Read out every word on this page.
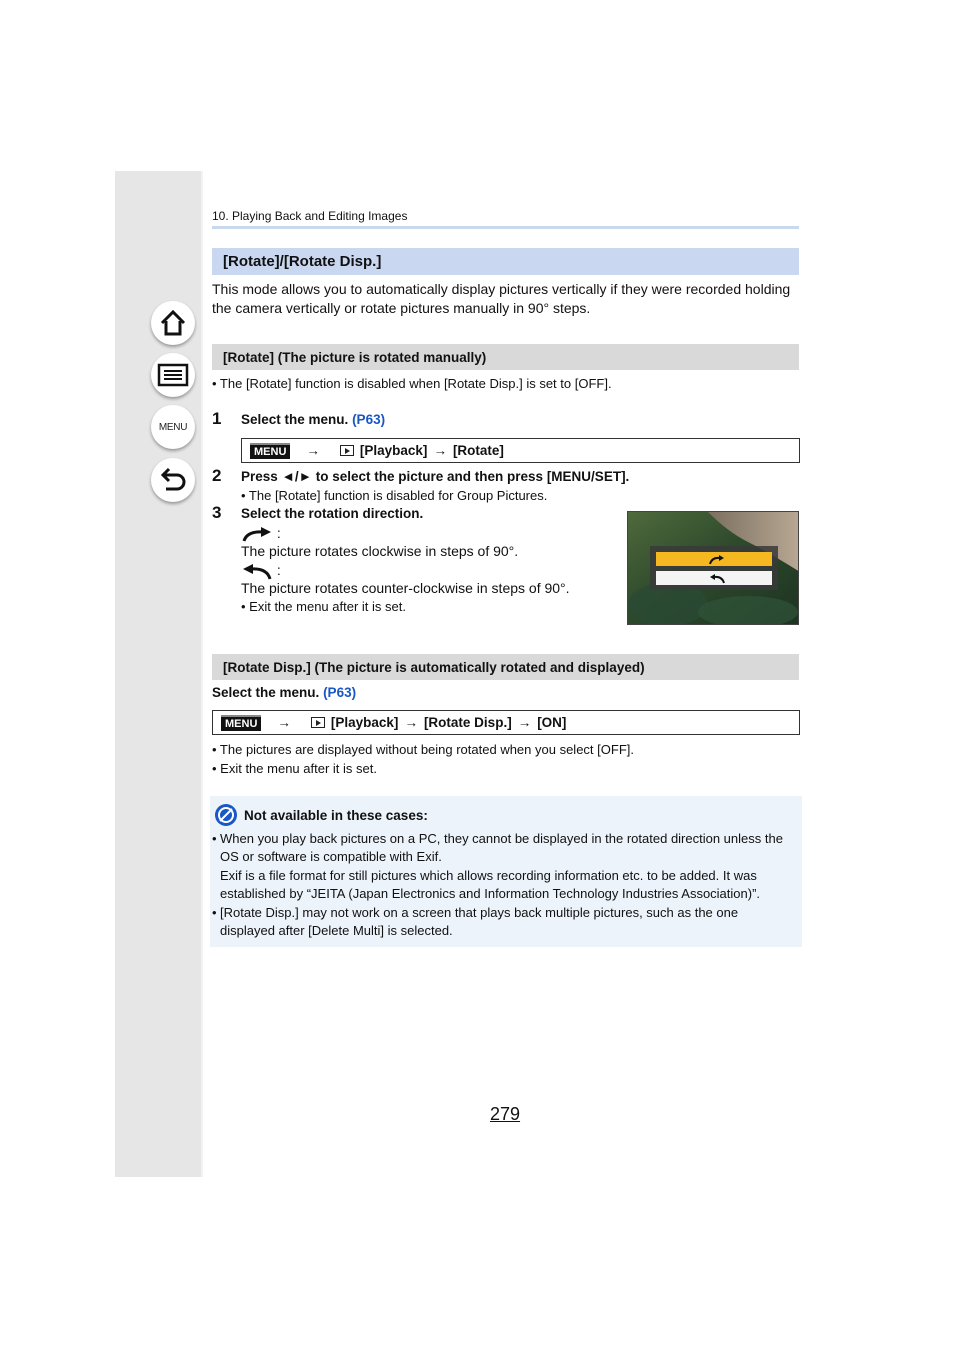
MENU
10. Playing Back and Editing Images
[Rotate]/[Rotate Disp.]
This mode allows you to automatically display pictures vertically if they were recorded holding the camera vertically or rotate pictures manually in 90° steps.
[Rotate] (The picture is rotated manually)
• The [Rotate] function is disabled when [Rotate Disp.] is set to [OFF].
1 Select the menu. (P63)
MENU →	[Playback] → [Rotate]
2 Press ◄/► to select the picture and then press [MENU/SET].
• The [Rotate] function is disabled for Group Pictures.
3 Select the rotation direction.
:
The picture rotates clockwise in steps of 90°.
:
The picture rotates counter-clockwise in steps of 90°.
• Exit the menu after it is set.
[Rotate Disp.] (The picture is automatically rotated and displayed)
Select the menu. (P63)
MENU →	[Playback] → [Rotate Disp.] → [ON]
• The pictures are displayed without being rotated when you select [OFF].
• Exit the menu after it is set.
Not available in these cases:
• When you play back pictures on a PC, they cannot be displayed in the rotated direction unless the OS or software is compatible with Exif.
Exif is a file format for still pictures which allows recording information etc. to be added. It was established by “JEITA (Japan Electronics and Information Technology Industries Association)”.
• [Rotate Disp.] may not work on a screen that plays back multiple pictures, such as the one displayed after [Delete Multi] is selected.
279
